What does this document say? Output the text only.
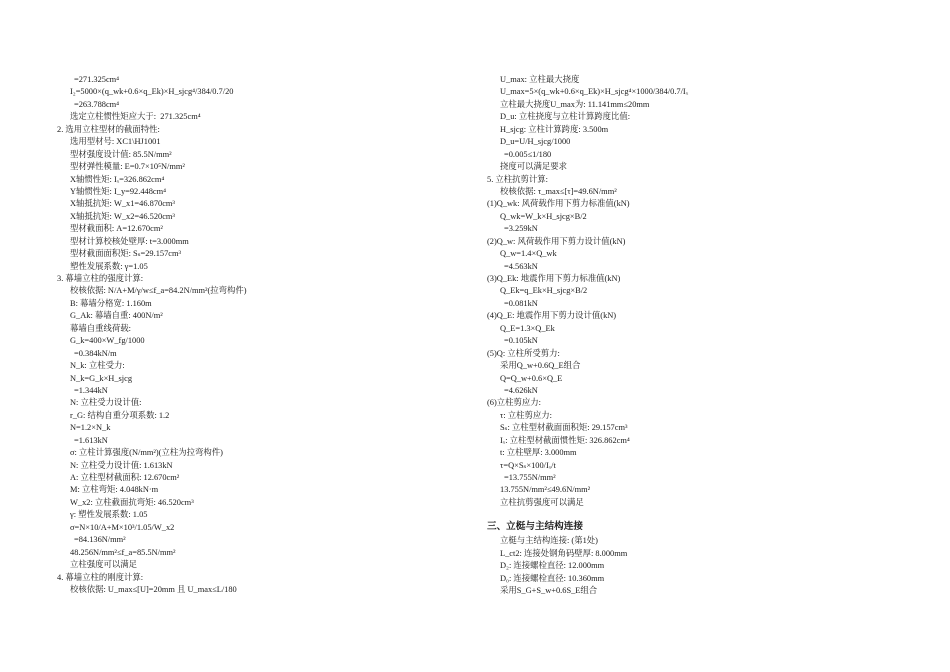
=271.325cm⁴
I₂=5000×(q_wk+0.6×q_Ek)×H_sjcg⁴/384/0.7/20
=263.788cm⁴
选定立柱惯性矩应大于:  271.325cm⁴
2. 选用立柱型材的截面特性:
选用型材号: XC1\HJ1001
型材强度设计值: 85.5N/mm²
型材弹性模量: E=0.7×10⁵N/mm²
X轴惯性矩: Iₓ=326.862cm⁴
Y轴惯性矩: I_y=92.448cm⁴
X轴抵抗矩: W_x1=46.870cm³
X轴抵抗矩: W_x2=46.520cm³
型材截面积: A=12.670cm²
型材计算校核处壁厚: t=3.000mm
型材截面面积矩: Sₛ=29.157cm³
塑性发展系数: γ=1.05
3. 幕墙立柱的强度计算:
校核依据: N/A+M/γ/w≤f_a=84.2N/mm²(拉弯构件)
B: 幕墙分格宽: 1.160m
G_Ak: 幕墙自重: 400N/m²
幕墙自重线荷载:
G_k=400×W_fg/1000
=0.384kN/m
N_k: 立柱受力:
N_k=G_k×H_sjcg
=1.344kN
N: 立柱受力设计值:
r_G: 结构自重分项系数: 1.2
N=1.2×N_k
=1.613kN
σ: 立柱计算强度(N/mm²)(立柱为拉弯构件)
N: 立柱受力设计值: 1.613kN
A: 立柱型材截面积: 12.670cm²
M: 立柱弯矩: 4.048kN·m
W_x2: 立柱截面抗弯矩: 46.520cm³
γ: 塑性发展系数: 1.05
σ=N×10/A+M×10³/1.05/W_x2
=84.136N/mm²
48.256N/mm²≤f_a=85.5N/mm²
立柱强度可以满足
4. 幕墙立柱的刚度计算:
校核依据: U_max≤[U]=20mm 且 U_max≤L/180
U_max: 立柱最大挠度
U_max=5×(q_wk+0.6×q_Ek)×H_sjcg⁴×1000/384/0.7/Iₓ
立柱最大挠度U_max为: 11.141mm≤20mm
D_u: 立柱挠度与立柱计算跨度比值:
H_sjcg: 立柱计算跨度: 3.500m
D_u=U/H_sjcg/1000
=0.005≤1/180
挠度可以满足要求
5. 立柱抗剪计算:
校核依据: τ_max≤[τ]=49.6N/mm²
(1)Q_wk: 风荷载作用下剪力标准值(kN)
Q_wk=W_k×H_sjcg×B/2
=3.259kN
(2)Q_w: 风荷载作用下剪力设计值(kN)
Q_w=1.4×Q_wk
=4.563kN
(3)Q_Ek: 地震作用下剪力标准值(kN)
Q_Ek=q_Ek×H_sjcg×B/2
=0.081kN
(4)Q_E: 地震作用下剪力设计值(kN)
Q_E=1.3×Q_Ek
=0.105kN
(5)Q: 立柱所受剪力:
采用Q_w+0.6Q_E组合
Q=Q_w+0.6×Q_E
=4.626kN
(6)立柱剪应力:
τ: 立柱剪应力:
Sₛ: 立柱型材截面面积矩: 29.157cm³
Iₓ: 立柱型材截面惯性矩: 326.862cm⁴
t: 立柱壁厚: 3.000mm
τ=Q×Sₛ×100/Iₓ/t
=13.755N/mm²
13.755N/mm²≤49.6N/mm²
立柱抗剪强度可以满足
三、立梃与主结构连接
立梃与主结构连接: (第1处)
L_ct2: 连接处钢角码壁厚: 8.000mm
D₂: 连接螺栓直径: 12.000mm
D₀: 连接螺栓直径: 10.360mm
采用S_G+S_w+0.6S_E组合
